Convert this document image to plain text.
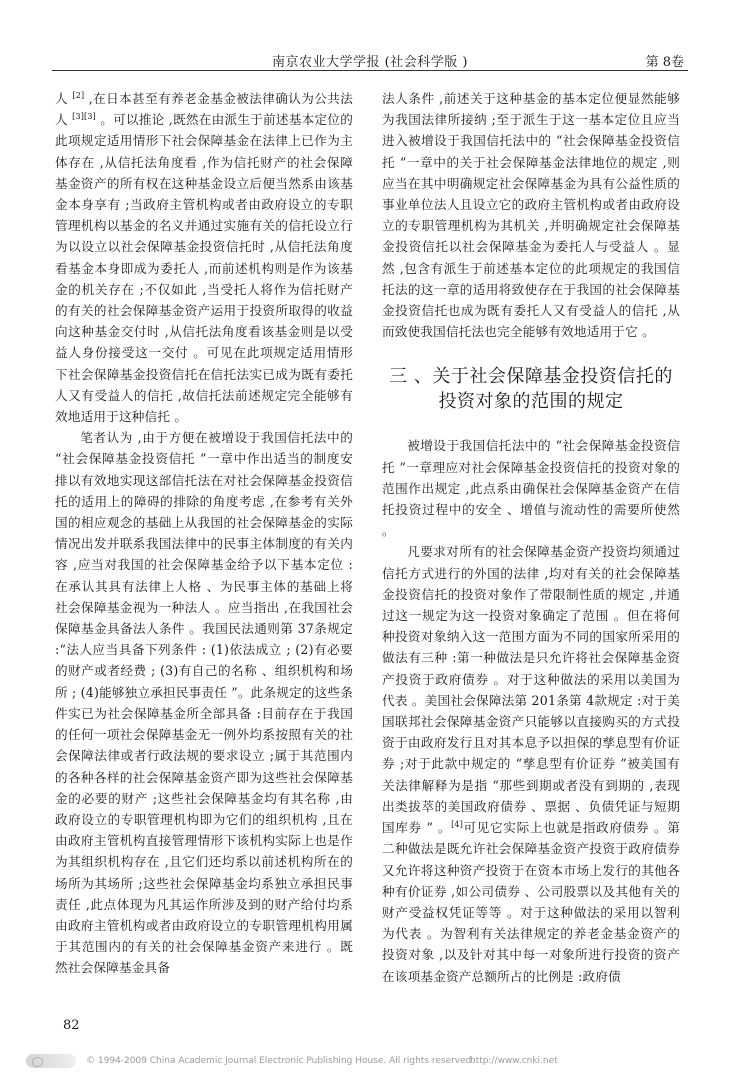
南京农业大学学报 (社会科学版 )	第 8卷

人 [2] ,在日本甚至有养老金基金被法律确认为公共法人 [3][3] 。可以推论 ,既然在由派生于前述基本定位的此项规定适用情形下社会保障基金在法律上已作为主体存在 ,从信托法角度看 ,作为信托财产的社会保障基金资产的所有权在这种基金设立后便当然系由该基金本身享有 ;当政府主管机构或者由政府设立的专职管理机构以基金的名义并通过实施有关的信托设立行为以设立以社会保障基金投资信托时 ,从信托法角度看基金本身即成为委托人 ,而前述机构则是作为该基金的机关存在 ;不仅如此 ,当受托人将作为信托财产的有关的社会保障基金资产运用于投资所取得的收益向这种基金交付时 ,从信托法角度看该基金则是以受益人身份接受这一交付 。可见在此项规定适用情形下社会保障基金投资信托在信托法实已成为既有委托人又有受益人的信托 ,故信托法前述规定完全能够有效地适用于这种信托 。

笔者认为 ,由于方便在被增设于我国信托法中的 “社会保障基金投资信托 ”一章中作出适当的制度安排以有效地实现这部信托法在对社会保障基金投资信托的适用上的障碍的排除的角度考虑 ,在参考有关外国的相应观念的基础上从我国的社会保障基金的实际情况出发并联系我国法律中的民事主体制度的有关内容 ,应当对我国的社会保障基金给予以下基本定位 :在承认其具有法律上人格 、为民事主体的基础上将社会保障基金视为一种法人 。应当指出 ,在我国社会保障基金具备法人条件 。我国民法通则第 37条规定 :“法人应当具备下列条件 : (1)依法成立 ; (2)有必要的财产或者经费 ; (3)有自己的名称 、组织机构和场所 ; (4)能够独立承担民事责任 ”。此条规定的这些条件实已为社会保障基金所全部具备 :目前存在于我国的任何一项社会保障基金无一例外均系按照有关的社会保障法律或者行政法规的要求设立 ;属于其范围内的各种各样的社会保障基金资产即为这些社会保障基金的必要的财产 ;这些社会保障基金均有其名称 ,由政府设立的专职管理机构即为它们的组织机构 ,且在由政府主管机构直接管理情形下该机构实际上也是作为其组织机构存在 ,且它们还均系以前述机构所在的场所为其场所 ;这些社会保障基金均系独立承担民事责任 ,此点体现为凡其运作所涉及到的财产给付均系由政府主管机构或者由政府设立的专职管理机构用属于其范围内的有关的社会保障基金资产来进行 。既然社会保障基金具备

法人条件 ,前述关于这种基金的基本定位便显然能够为我国法律所接纳 ;至于派生于这一基本定位且应当进入被增设于我国信托法中的 “社会保障基金投资信托 ”一章中的关于社会保障基金法律地位的规定 ,则应当在其中明确规定社会保障基金为具有公益性质的事业单位法人且设立它的政府主管机构或者由政府设立的专职管理机构为其机关 ,并明确规定社会保障基金投资信托以社会保障基金为委托人与受益人 。显然 ,包含有派生于前述基本定位的此项规定的我国信托法的这一章的适用将致使存在于我国的社会保障基金投资信托也成为既有委托人又有受益人的信托 ,从而致使我国信托法也完全能够有效地适用于它 。

三 、关于社会保障基金投资信托的
投资对象的范围的规定

被增设于我国信托法中的 “社会保障基金投资信托 ”一章理应对社会保障基金投资信托的投资对象的范围作出规定 ,此点系由确保社会保障基金资产在信托投资过程中的安全 、增值与流动性的需要所使然 。

凡要求对所有的社会保障基金资产投资均须通过信托方式进行的外国的法律 ,均对有关的社会保障基金投资信托的投资对象作了带限制性质的规定 ,并通过这一规定为这一投资对象确定了范围 。但在将何种投资对象纳入这一范围方面为不同的国家所采用的做法有三种 :第一种做法是只允许将社会保障基金资产投资于政府债券 。对于这种做法的采用以美国为代表 。美国社会保障法第 201条第 4款规定 :对于美国联邦社会保障基金资产只能够以直接购买的方式投资于由政府发行且对其本息予以担保的孳息型有价证券 ;对于此款中规定的 “孳息型有价证券 ”被美国有关法律解释为是指 “那些到期或者没有到期的 ,表现出类拔萃的美国政府债券 、票据 、负债凭证与短期国库券 ” 。[4]可见它实际上也就是指政府债券 。第二种做法是既允许社会保障基金资产投资于政府债券又允许将这种资产投资于在资本市场上发行的其他各种有价证券 ,如公司债券 、公司股票以及其他有关的财产受益权凭证等等 。对于这种做法的采用以智利为代表 。为智利有关法律规定的养老金基金资产的投资对象 ,以及针对其中每一对象所进行投资的资产在该项基金资产总额所占的比例是 :政府债

82
© 1994-2009 China Academic Journal Electronic Publishing House. All rights reserved.
http://www.cnki.net
